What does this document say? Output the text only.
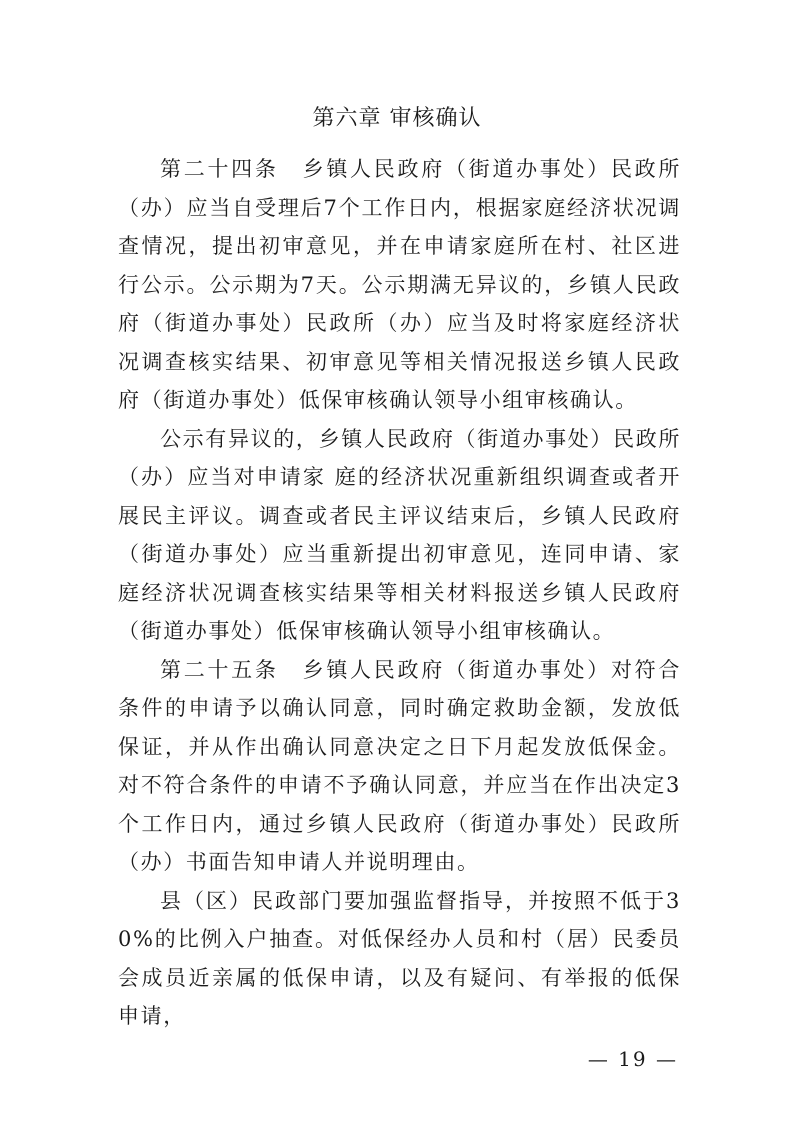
第六章 审核确认

第二十四条 乡镇人民政府（街道办事处）民政所（办）应当自受理后7个工作日内，根据家庭经济状况调查情况，提出初审意见，并在申请家庭所在村、社区进行公示。公示期为7天。公示期满无异议的，乡镇人民政府（街道办事处）民政所（办）应当及时将家庭经济状况调查核实结果、初审意见等相关情况报送乡镇人民政府（街道办事处）低保审核确认领导小组审核确认。

公示有异议的，乡镇人民政府（街道办事处）民政所（办）应当对申请家 庭的经济状况重新组织调查或者开展民主评议。调查或者民主评议结束后，乡镇人民政府（街道办事处）应当重新提出初审意见，连同申请、家庭经济状况调查核实结果等相关材料报送乡镇人民政府（街道办事处）低保审核确认领导小组审核确认。

第二十五条 乡镇人民政府（街道办事处）对符合条件的申请予以确认同意，同时确定救助金额，发放低保证，并从作出确认同意决定之日下月起发放低保金。对不符合条件的申请不予确认同意，并应当在作出决定3个工作日内，通过乡镇人民政府（街道办事处）民政所（办）书面告知申请人并说明理由。

县（区）民政部门要加强监督指导，并按照不低于30%的比例入户抽查。对低保经办人员和村（居）民委员会成员近亲属的低保申请，以及有疑问、有举报的低保申请，

— 19 —
